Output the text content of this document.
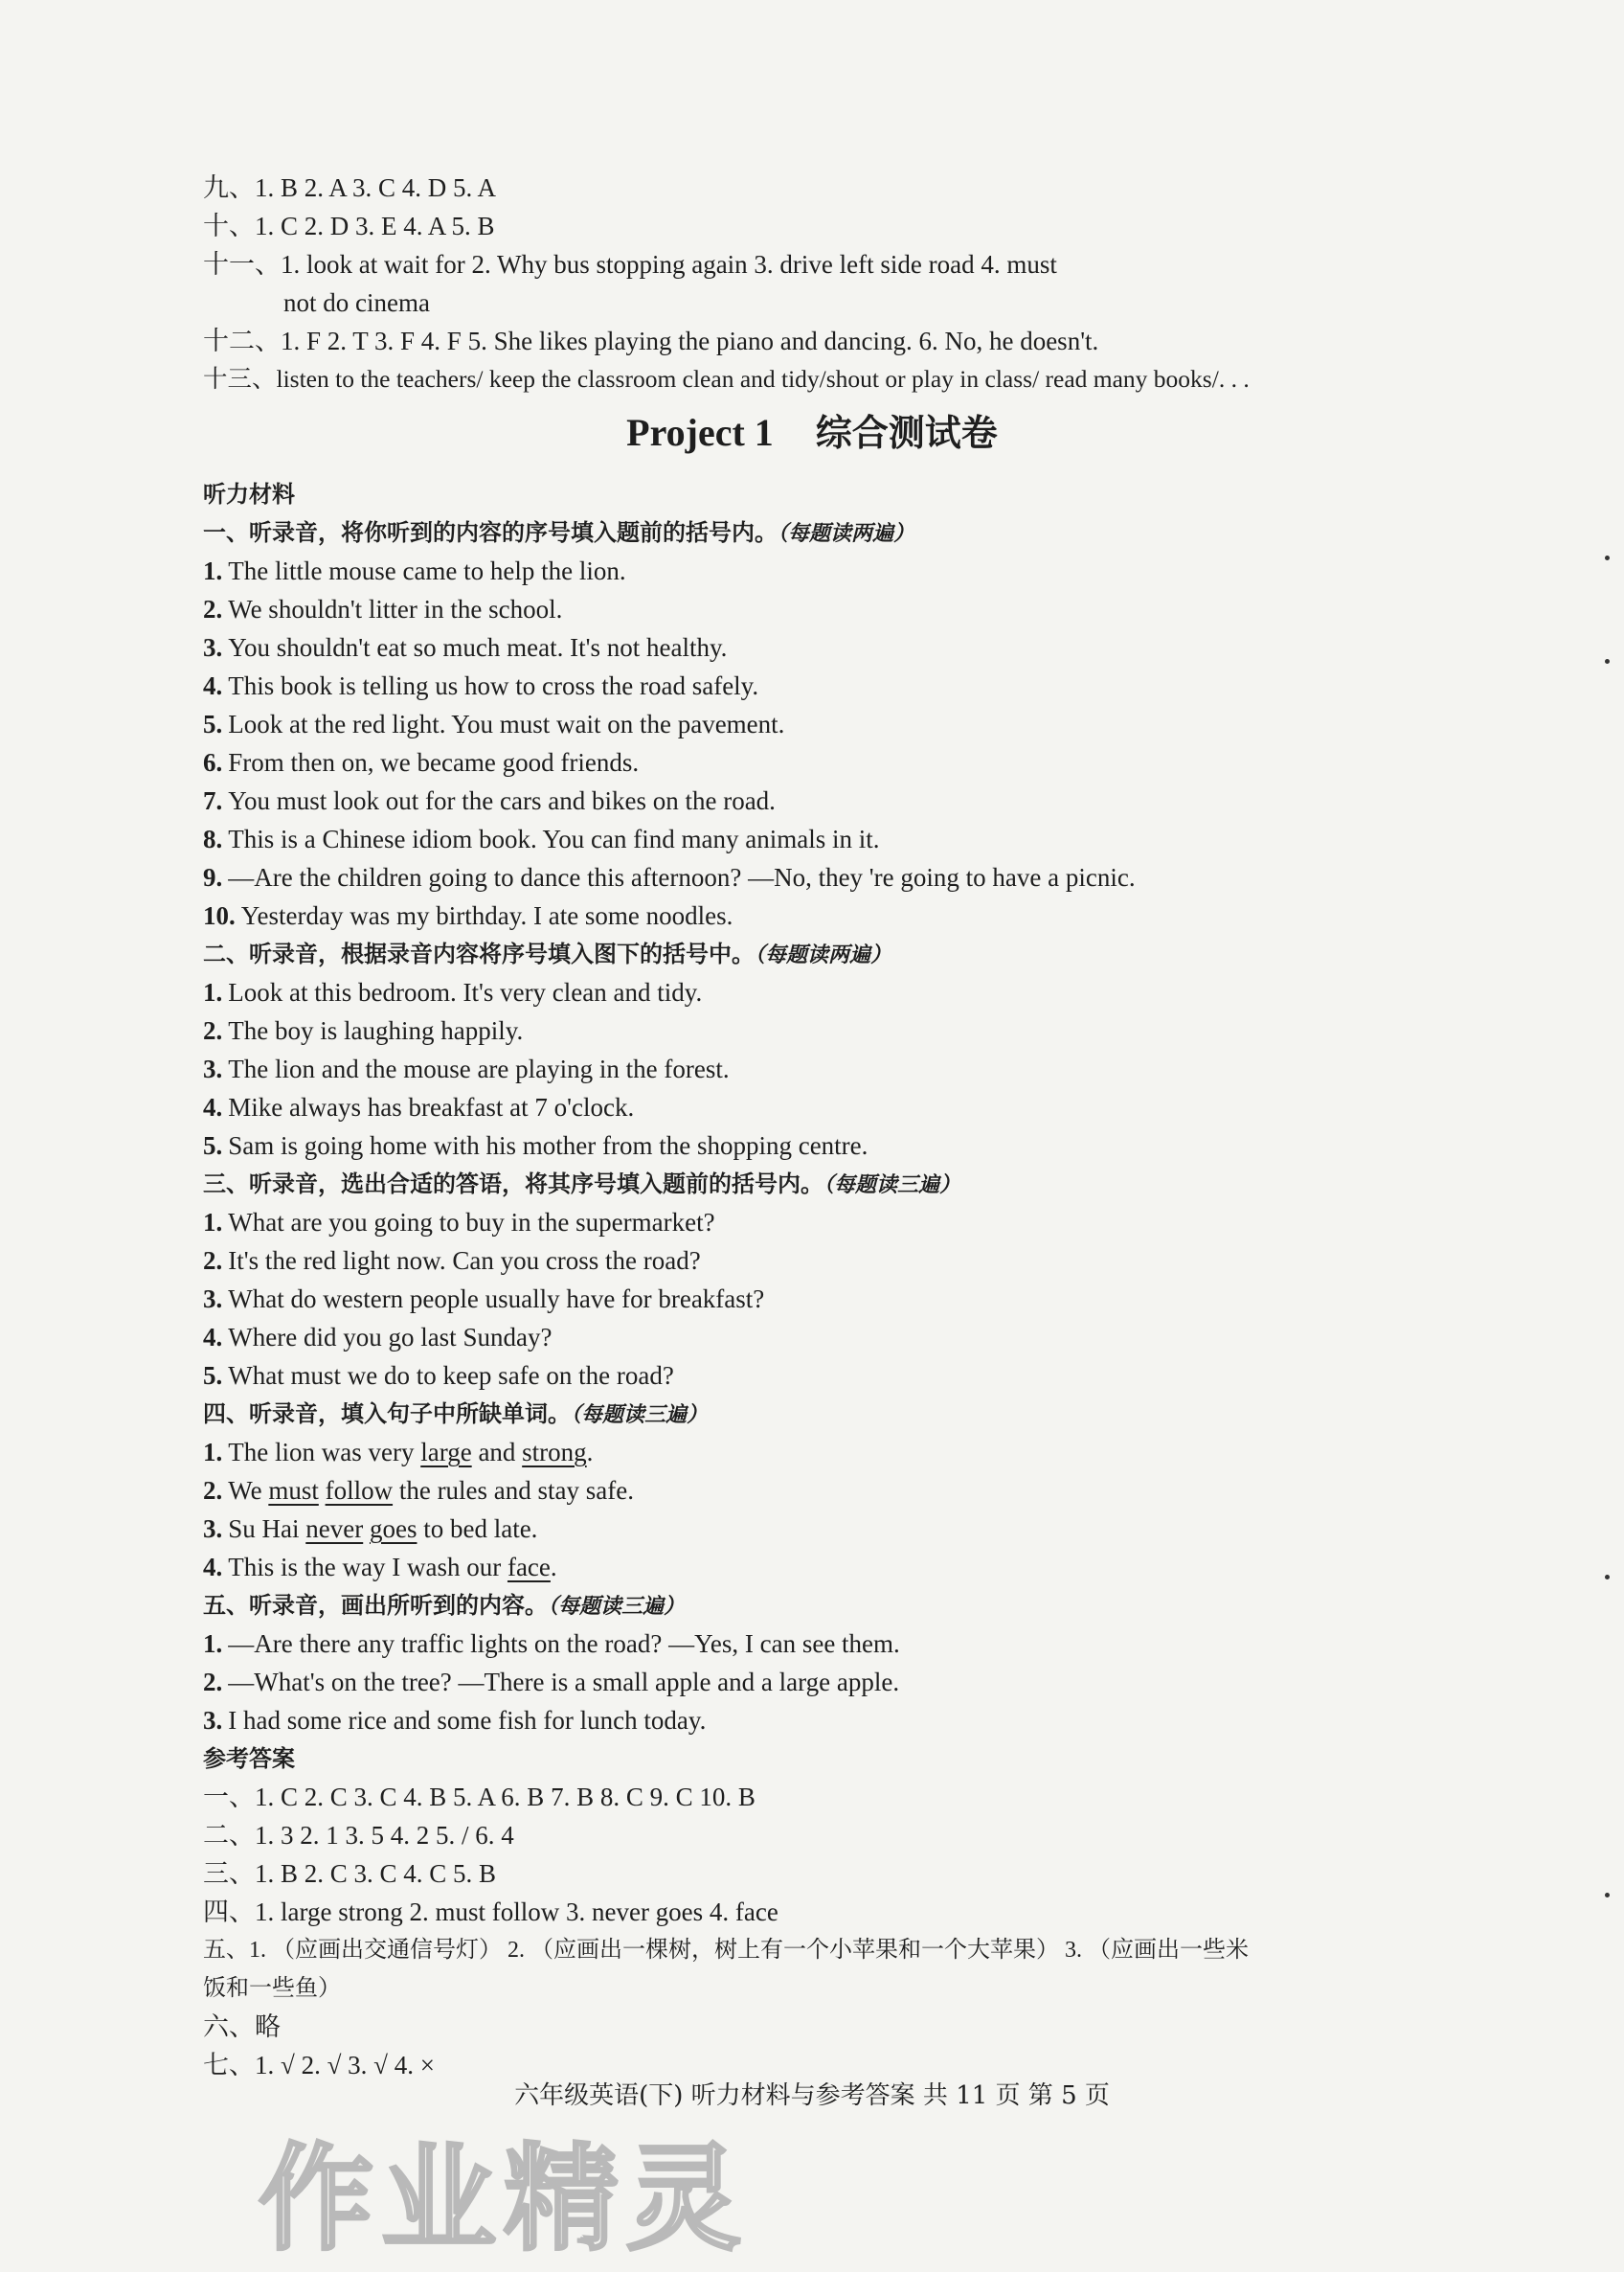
九、1. B 2. A 3. C 4. D 5. A
十、1. C 2. D 3. E 4. A 5. B
十一、1. look at wait for 2. Why bus stopping again 3. drive left side road 4. must
not do cinema
十二、1. F 2. T 3. F 4. F 5. She likes playing the piano and dancing. 6. No, he doesn't.
十三、listen to the teachers/ keep the classroom clean and tidy/shout or play in class/ read many books/. . .
Project 1 综合测试卷
听力材料
一、听录音，将你听到的内容的序号填入题前的括号内。（每题读两遍）
1. The little mouse came to help the lion.
2. We shouldn't litter in the school.
3. You shouldn't eat so much meat. It's not healthy.
4. This book is telling us how to cross the road safely.
5. Look at the red light. You must wait on the pavement.
6. From then on, we became good friends.
7. You must look out for the cars and bikes on the road.
8. This is a Chinese idiom book. You can find many animals in it.
9. —Are the children going to dance this afternoon? —No, they 're going to have a picnic.
10. Yesterday was my birthday. I ate some noodles.
二、听录音，根据录音内容将序号填入图下的括号中。（每题读两遍）
1. Look at this bedroom. It's very clean and tidy.
2. The boy is laughing happily.
3. The lion and the mouse are playing in the forest.
4. Mike always has breakfast at 7 o'clock.
5. Sam is going home with his mother from the shopping centre.
三、听录音，选出合适的答语，将其序号填入题前的括号内。（每题读三遍）
1. What are you going to buy in the supermarket?
2. It's the red light now. Can you cross the road?
3. What do western people usually have for breakfast?
4. Where did you go last Sunday?
5. What must we do to keep safe on the road?
四、听录音，填入句子中所缺单词。（每题读三遍）
1. The lion was very large and strong.
2. We must follow the rules and stay safe.
3. Su Hai never goes to bed late.
4. This is the way I wash our face.
五、听录音，画出所听到的内容。（每题读三遍）
1. —Are there any traffic lights on the road? —Yes, I can see them.
2. —What's on the tree? —There is a small apple and a large apple.
3. I had some rice and some fish for lunch today.
参考答案
一、1. C 2. C 3. C 4. B 5. A 6. B 7. B 8. C 9. C 10. B
二、1. 3 2. 1 3. 5 4. 2 5. / 6. 4
三、1. B 2. C 3. C 4. C 5. B
四、1. large strong 2. must follow 3. never goes 4. face
五、1. （应画出交通信号灯） 2. （应画出一棵树，树上有一个小苹果和一个大苹果） 3. （应画出一些米
饭和一些鱼）
六、略
七、1. √ 2. √ 3. √ 4. ×
六年级英语(下) 听力材料与参考答案 共 11 页 第 5 页
作业精灵
